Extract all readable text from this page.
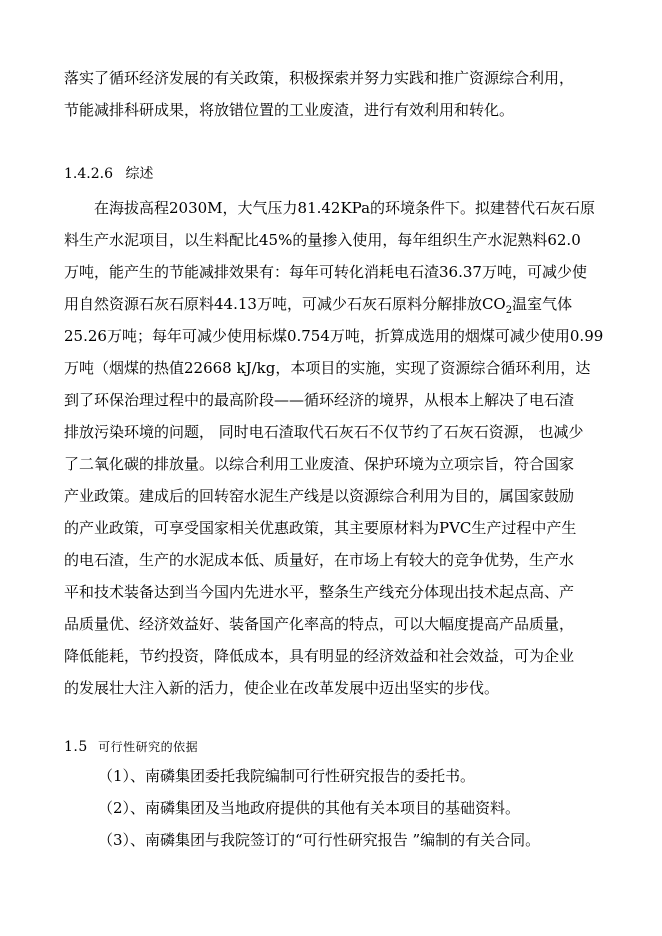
落实了循环经济发展的有关政策，积极探索并努力实践和推广资源综合利用，
节能减排科研成果，将放错位置的工业废渣，进行有效利用和转化。
1.4.2.6 综述
在海拔高程2030M，大气压力81.42KPa的环境条件下。拟建替代石灰石原
料生产水泥项目，以生料配比45%的量掺入使用，每年组织生产水泥熟料62.0
万吨，能产生的节能减排效果有：每年可转化消耗电石渣36.37万吨，可减少使
用自然资源石灰石原料44.13万吨，可减少石灰石原料分解排放$CO_2$温室气体
25.26万吨；每年可减少使用标煤0.754万吨，折算成选用的烟煤可减少使用0.99
万吨（烟煤的热值22668 kJ/kg，本项目的实施，实现了资源综合循环利用，达
到了环保治理过程中的最高阶段——循环经济的境界，从根本上解决了电石渣
排放污染环境的问题， 同时电石渣取代石灰石不仅节约了石灰石资源， 也减少
了二氧化碳的排放量。以综合利用工业废渣、保护环境为立项宗旨，符合国家
产业政策。建成后的回转窑水泥生产线是以资源综合利用为目的，属国家鼓励
的产业政策，可享受国家相关优惠政策，其主要原材料为PVC生产过程中产生
的电石渣，生产的水泥成本低、质量好，在市场上有较大的竞争优势，生产水
平和技术装备达到当今国内先进水平，整条生产线充分体现出技术起点高、产
品质量优、经济效益好、装备国产化率高的特点，可以大幅度提高产品质量，
降低能耗，节约投资，降低成本，具有明显的经济效益和社会效益，可为企业
的发展壮大注入新的活力，使企业在改革发展中迈出坚实的步伐。
1.5 可行性研究的依据
（1）、南磷集团委托我院编制可行性研究报告的委托书。
（2）、南磷集团及当地政府提供的其他有关本项目的基础资料。
（3）、南磷集团与我院签订的“可行性研究报告 ”编制的有关合同。
